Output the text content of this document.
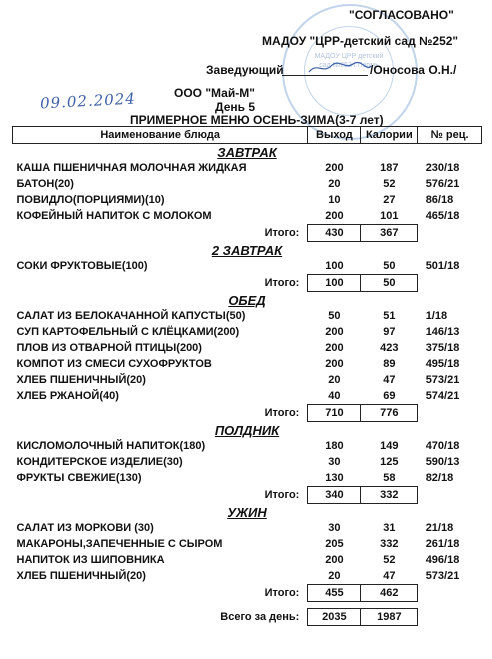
МАДОУ ЦРР детский сад №252 г.Пермь
"СОГЛАСОВАНО"
МАДОУ "ЦРР-детский сад №252"
Заведующий	/Оносова О.Н./
ООО "Май-М"
09.02.2024	День 5
ПРИМЕРНОЕ МЕНЮ ОСЕНЬ-ЗИМА(3-7 лет)
Наименование блюда	Выход	Калории	№ рец.
ЗАВТРАК			
КАША ПШЕНИЧНАЯ МОЛОЧНАЯ ЖИДКАЯ	200	187	230/18
БАТОН(20)	20	52	576/21
ПОВИДЛО(ПОРЦИЯМИ)(10)	10	27	86/18
КОФЕЙНЫЙ НАПИТОК С МОЛОКОМ	200	101	465/18
Итого:	430	367	
2 ЗАВТРАК			
СОКИ ФРУКТОВЫЕ(100)	100	50	501/18
Итого:	100	50	
ОБЕД			
САЛАТ ИЗ БЕЛОКАЧАННОЙ КАПУСТЫ(50)	50	51	1/18
СУП КАРТОФЕЛЬНЫЙ С КЛЁЦКАМИ(200)	200	97	146/13
ПЛОВ ИЗ ОТВАРНОЙ ПТИЦЫ(200)	200	423	375/18
КОМПОТ ИЗ СМЕСИ СУХОФРУКТОВ	200	89	495/18
ХЛЕБ ПШЕНИЧНЫЙ(20)	20	47	573/21
ХЛЕБ РЖАНОЙ(40)	40	69	574/21
Итого:	710	776	
ПОЛДНИК			
КИСЛОМОЛОЧНЫЙ НАПИТОК(180)	180	149	470/18
КОНДИТЕРСКОЕ ИЗДЕЛИЕ(30)	30	125	590/13
ФРУКТЫ СВЕЖИЕ(130)	130	58	82/18
Итого:	340	332	
УЖИН			
САЛАТ ИЗ МОРКОВИ (30)	30	31	21/18
МАКАРОНЫ,ЗАПЕЧЕННЫЕ С СЫРОМ	205	332	261/18
НАПИТОК ИЗ ШИПОВНИКА	200	52	496/18
ХЛЕБ ПШЕНИЧНЫЙ(20)	20	47	573/21
Итого:	455	462	

Всего за день:	2035	1987	
